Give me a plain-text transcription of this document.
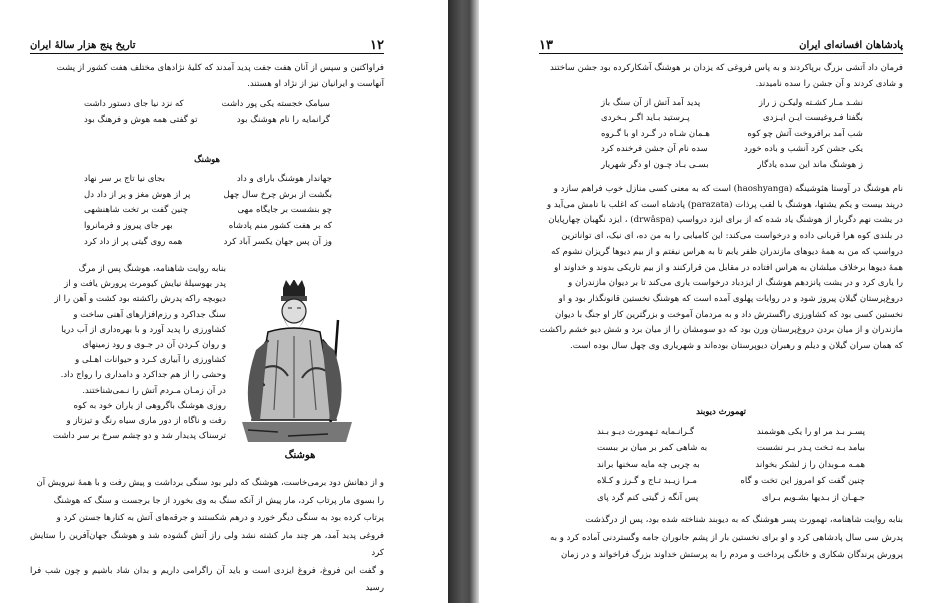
۱۲
تاریخ پنج هزار سالهٔ ایران

فراواکتین و سپس از آنان هفت جفت پدید آمدند که کلیهٔ نژادهای مختلف هفت کشور از پشت

آنهاست و ایرانیان نیز از نژاد او هستند.

سیامک خجسته یکی پور داشت
که نزد نیا جای دستور داشت
گرانمایه را نام هوشنگ بود
تو گفتی همه هوش و فرهنگ بود
هوشنگ
جهاندار هوشنگ باراى و داد
بجای نیا تاج بر سر نهاد
بگشت از برش چرخ سال چهل
پر از هوش مغز و پر از داد دل
چو بنشست بر جایگاه مهی
چنین گفت بر تخت شاهنشهی
که بر هفت کشور منم پادشاه
بهر جای پیروز و فرمانروا
وز آن پس جهان یکسر آباد کرد
همه روی گیتی پر از داد کرد
هوشنگ

بنابه روایت شاهنامه، هوشنگ پس از مرگ

پدر بهوسیلهٔ نیایش کیومرث پرورش یافت و از

دیوبچه راکه پدرش راکشته بود کشت و آهن را از

سنگ جداکرد و رزم‌افزارهای آهنی ساخت و

کشاورزی را پدید آورد و با بهره‌داری از آب دریا

و روان کـردن آن در جـوی و رود زمینهای

کشاورزی را آبیاری کـرد و حیوانات اهـلی و

وحشی را از هم جداکرد و دامداری را رواج داد.

در آن زمـان مـردم آتش را نـمی‌شناختند.

روزی هوشنگ باگروهی از یاران خود به کوه

رفت و ناگاه از دور ماری سیاه رنگ و تیزتاز و

ترسناک پدیدار شد و دو چشم سرخ بر سر داشت

و از دهانش دود برمی‌خاست، هوشنگ که دلیر بود سنگی برداشت و پیش رفت و با همهٔ نیرویش آن

را بسوی مار پرتاب کرد، مار پیش از آنکه سنگ به وی بخورد از جا برجست و سنگ که هوشنگ

پرتاب کرده بود به سنگی دیگر خورد و درهم شکستند و جرقه‌های آتش به کنارها جستن کرد و

فروغی پدید آمد، هر چند مار کشته نشد ولی راز آتش گشوده شد و هوشنگ جهان‌آفرین را ستایش کرد

و گفت این فروغ، فروغ ایزدی است و باید آن راگرامی داریم و بدان شاد باشیم و چون شب فرا رسید

پادشاهان افسانه‌ای ایران
۱۳

فرمان داد آتشی بزرگ برپاکردند و به پاس فروغی که یزدان بر هوشنگ آشکارکرده بود جشن ساختند

و شادی کردند و آن جشن را سده نامیدند.

نشـد مـار کشـته ولیکـن ز راز
پدید آمد آتش از آن سنگ باز
بگفتا فـروغیست ایـن ایـزدی
پـرستید بـاید اگـر بـخردی
شب آمد برافروخت آتش چو کوه
هـمان شـاه در گـرد او با گـروه
یکی جشن کرد آنشب و باده خورد
سده نام آن جشن فرخنده کرد
ز هوشنگ ماند این سده یادگار
بسـی بـاد چـون او دگر شهریار

نام هوشنگ در آوستا هئوشینگه (haoshyanga) است که به معنی کسی منازل خوب فراهم سازد و

درپند بیست و یکم یشتها، هوشنگ با لقب پرذات (parazata) پادشاه است که اغلب با نامش می‌آید و

در یشت نهم دگربار از هوشنگ یاد شده که از برای ایزد درواسپ (drwâspa) ، ایزد نگهبان چهارپایان

در بلندی کوه هرا قربانی داده و درخواست می‌کند: این کامیابی را به من ده، ای نیک، ای توانا‌ترین

درواسپ که من به همهٔ دیوهای مازندران ظفر یابم تا به هراس نیفتم و از بیم دیوها گریزان نشوم که

همهٔ دیوها برخلاف میلشان به هراس افتاده در مقابل من قرارکنند و از بیم تاریکی بدوند و خداوند او

را یاری کرد و در یشت پانزدهم هوشنگ از ایزدباد درخواست یاری می‌کند تا بر دیوان مازندران و

دروغ‌پرستان گیلان پیروز شود و در روایات پهلوی آمده است که هوشنگ نخستین قانونگذار بود و او

نخستین کسی بود که کشاورزی راگسترش داد و به مردمان آموخت و بزرگترین کار او جنگ با دیوان

مازندران و از میان بردن دروغ‌پرستان ورن بود که دو سومشان را از میان برد و شش دیو خشم راکشت

که همان سران گیلان و دیلم و رهبران دیوپرستان بوده‌اند و شهریاری وی چهل سال بوده است.

تهمورث دیوبند
پسـر بـد مر او را یکی هوشمند
گـرانـمایه تـهمورث دیـو بـند
بیامد بـه تـخت پـدر بـر نشست
به شاهی کمر بر میان بر ببست
همـه مـوبدان را ز لشکر بخواند
به چربی چه مایه سخنها براند
چنین گفت کو امروز این تخت و گاه
مـرا زیـبد تـاج و گـرز و کـلاه
جـهـان از بـدیها بشـویم بـرای
پس آنگه ز گیتی کنم گرد پای

بنابه روایت شاهنامه، تهمورث پسر هوشنگ که به دیوبند شناخته شده بود، پس از درگذشت

پدرش سی سال پادشاهی کرد و او برای نخستین بار از پشم جانوران جامه وگستردنی آماده کرد و به

پرورش پرندگان شکاری و خانگی پرداخت و مردم را به پرستش خداوند بزرگ فراخواند و در زمان
